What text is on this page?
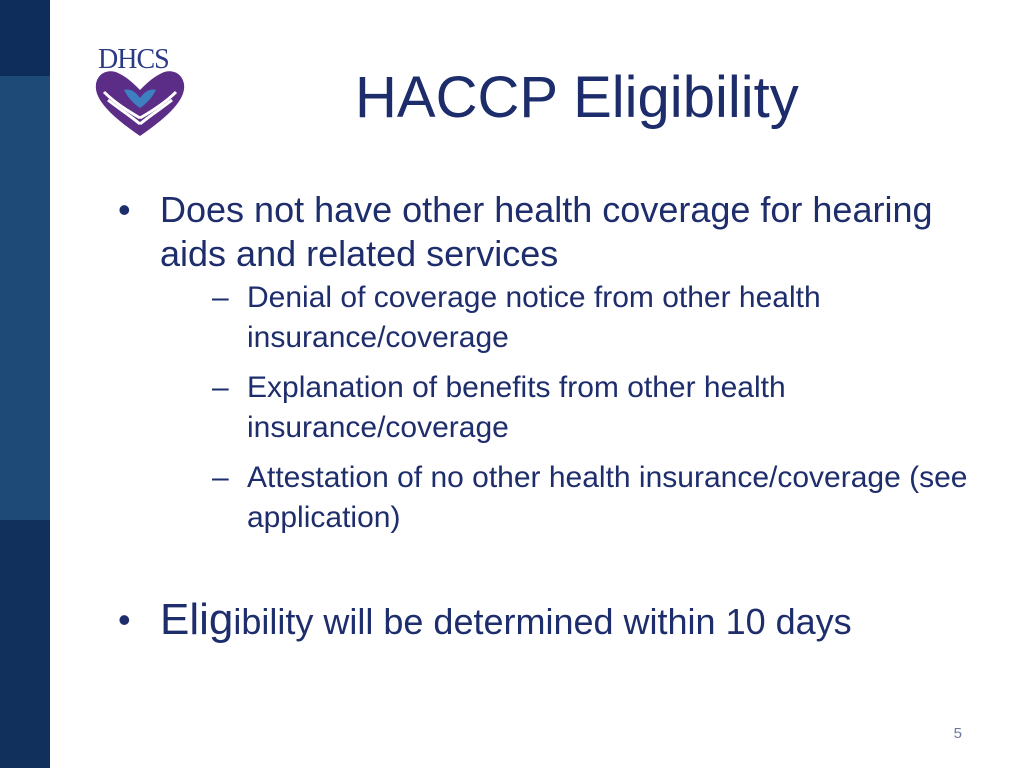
DHCS
HACCP Eligibility
• Does not have other health coverage for hearing aids and related services
– Denial of coverage notice from other health insurance/coverage
– Explanation of benefits from other health insurance/coverage
– Attestation of no other health insurance/coverage (see application)
• Eligibility will be determined within 10 days
5
